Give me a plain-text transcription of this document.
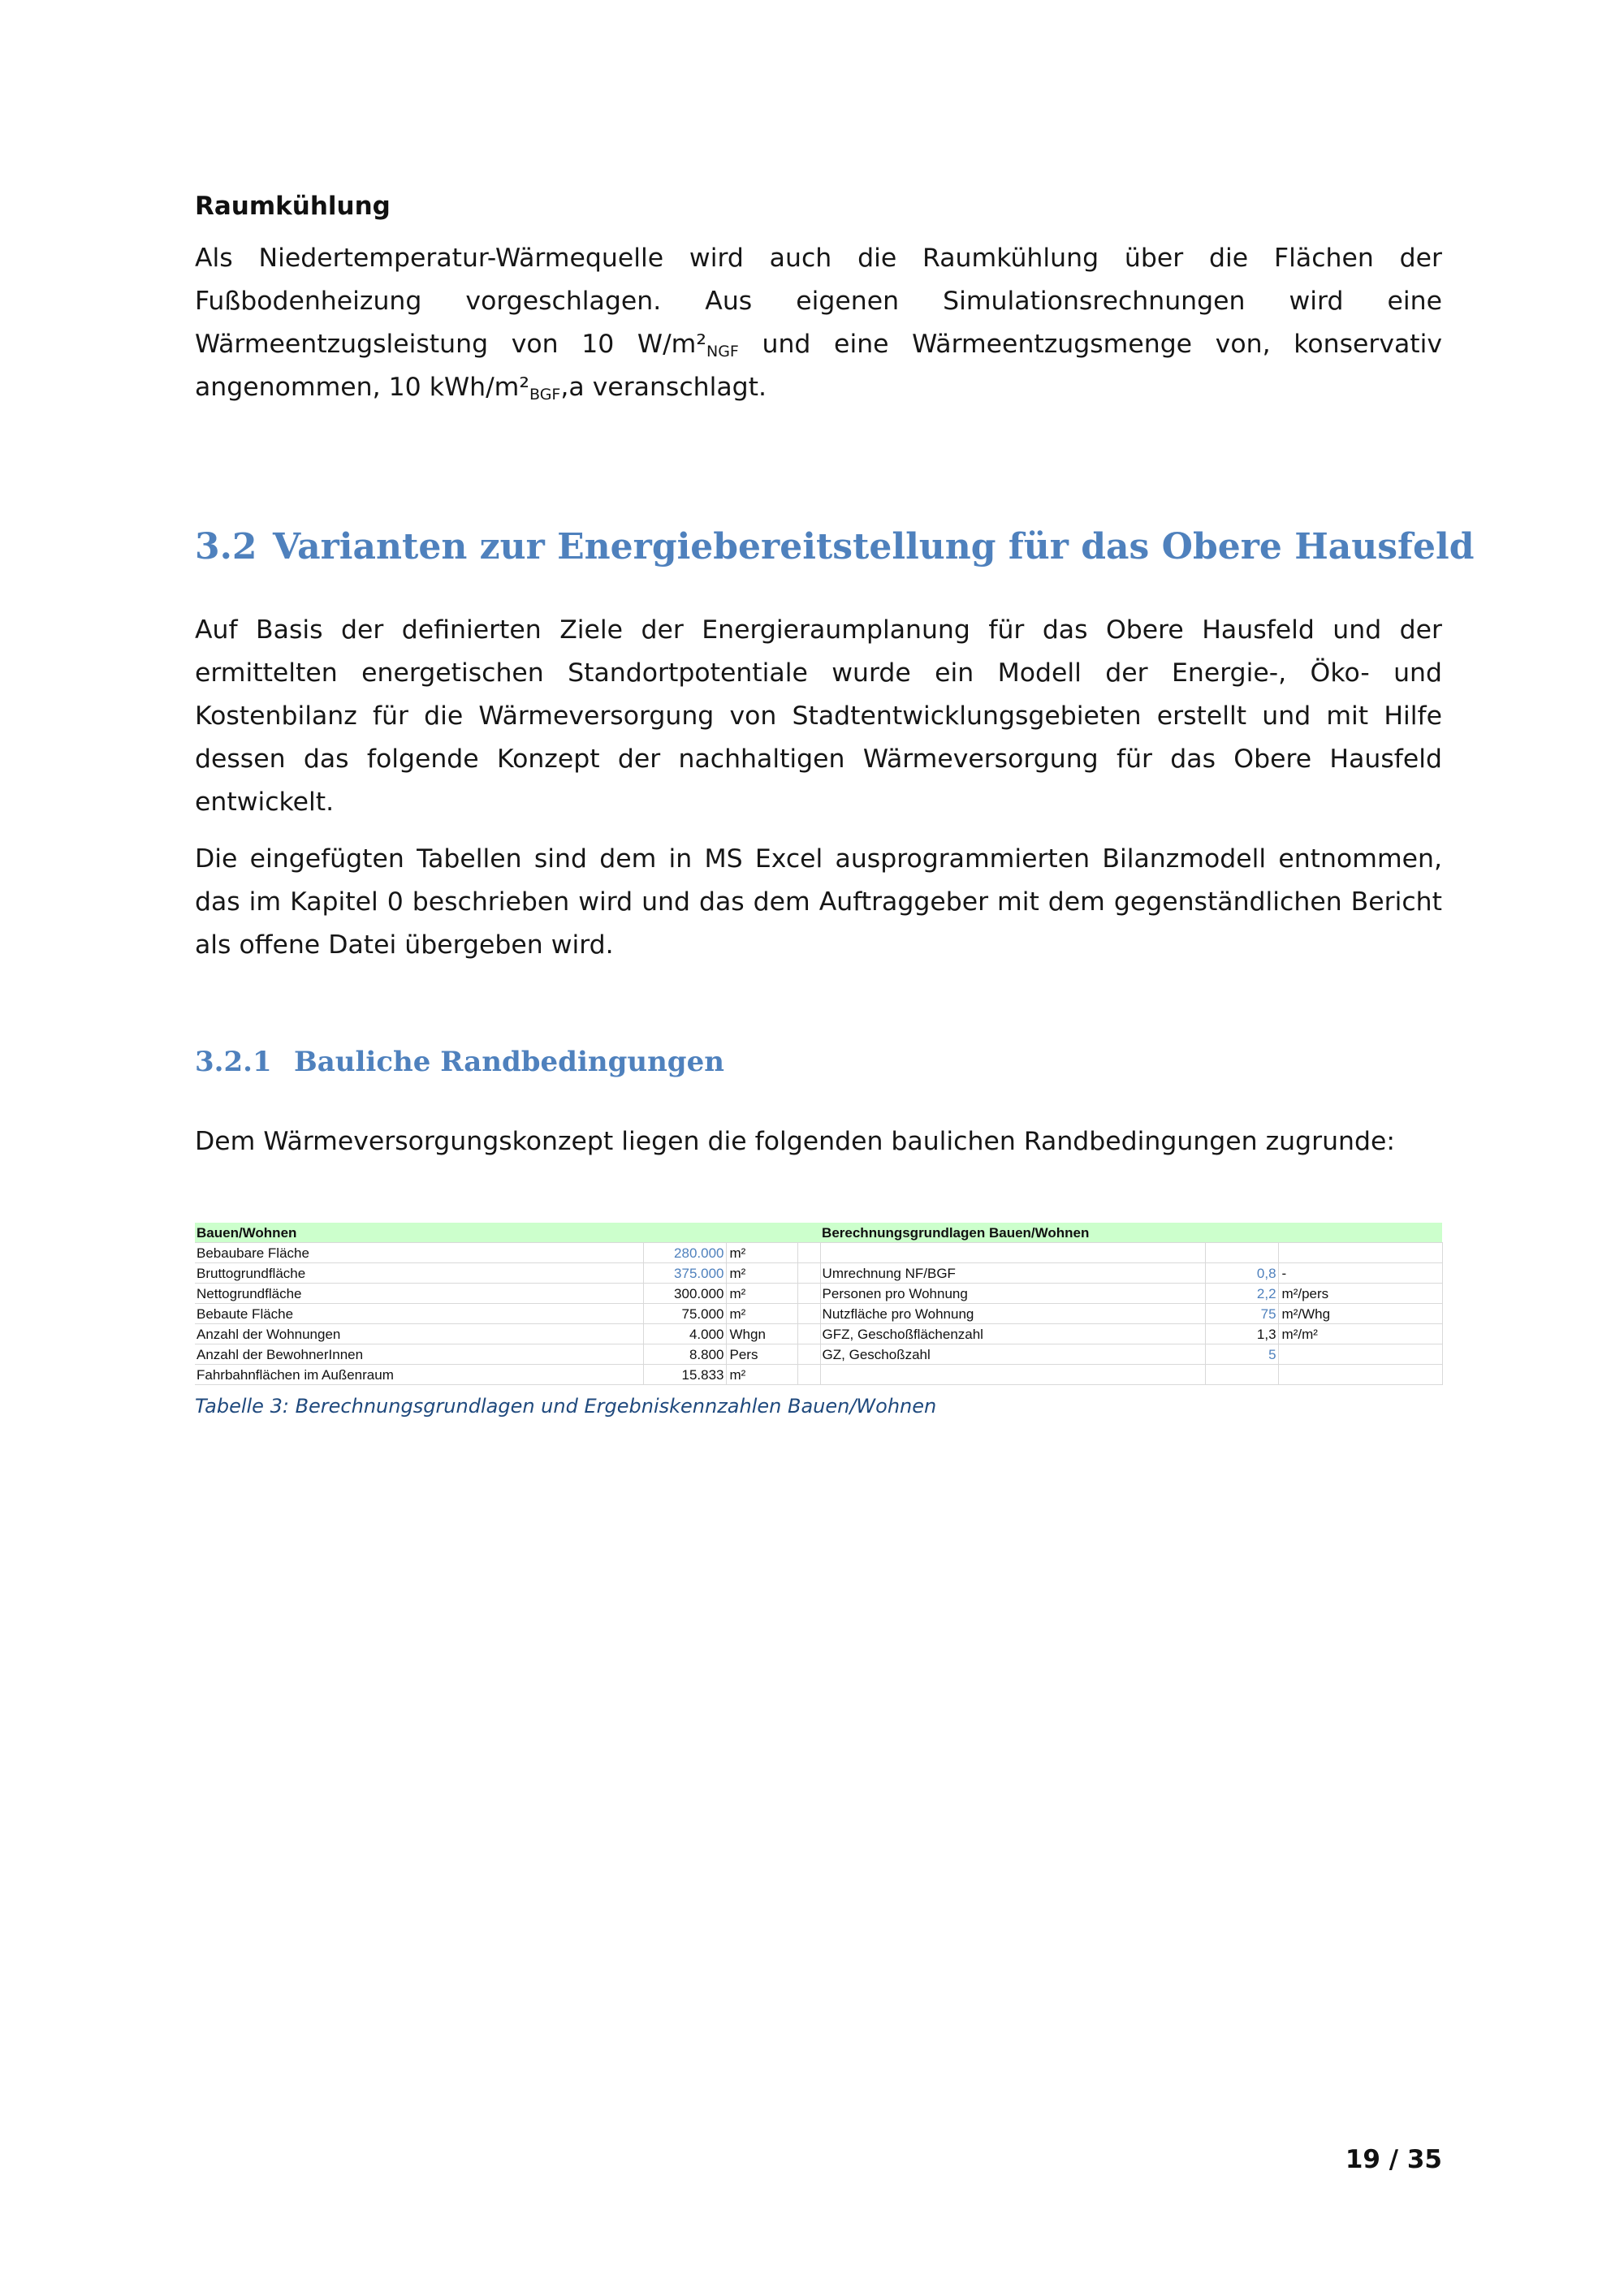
Raumkühlung

Als Niedertemperatur-Wärmequelle wird auch die Raumkühlung über die Flächen der Fußbodenheizung vorgeschlagen. Aus eigenen Simulationsrechnungen wird eine Wärmeentzugsleistung von 10 $W/m^2_{NGF}$ und eine Wärmeentzugsmenge von, konservativ angenommen, 10 kWh/$m^2_{BGF},a$ veranschlagt.

3.2 Varianten zur Energiebereitstellung für das Obere Hausfeld

Auf Basis der definierten Ziele der Energieraumplanung für das Obere Hausfeld und der ermittelten energetischen Standortpotentiale wurde ein Modell der Energie-, Öko- und Kostenbilanz für die Wärmeversorgung von Stadtentwicklungsgebieten erstellt und mit Hilfe dessen das folgende Konzept der nachhaltigen Wärmeversorgung für das Obere Hausfeld entwickelt.

Die eingefügten Tabellen sind dem in MS Excel ausprogrammierten Bilanzmodell entnommen, das im Kapitel 0 beschrieben wird und das dem Auftraggeber mit dem gegenständlichen Bericht als offene Datei übergeben wird.

3.2.1 Bauliche Randbedingungen

Dem Wärmeversorgungskonzept liegen die folgenden baulichen Randbedingungen zugrunde:

Bauen/Wohnen				Berechnungsgrundlagen Bauen/Wohnen		
Bebaubare Fläche	280.000	m²				
Bruttogrundfläche	375.000	m²		Umrechnung NF/BGF	0,8	-
Nettogrundfläche	300.000	m²		Personen pro Wohnung	2,2	m²/pers
Bebaute Fläche	75.000	m²		Nutzfläche pro Wohnung	75	m²/Whg
Anzahl der Wohnungen	4.000	Whgn		GFZ, Geschoßflächenzahl	1,3	m²/m²
Anzahl der BewohnerInnen	8.800	Pers		GZ, Geschoßzahl	5	
Fahrbahnflächen im Außenraum	15.833	m²				

Tabelle 3: Berechnungsgrundlagen und Ergebniskennzahlen Bauen/Wohnen

19 / 35
